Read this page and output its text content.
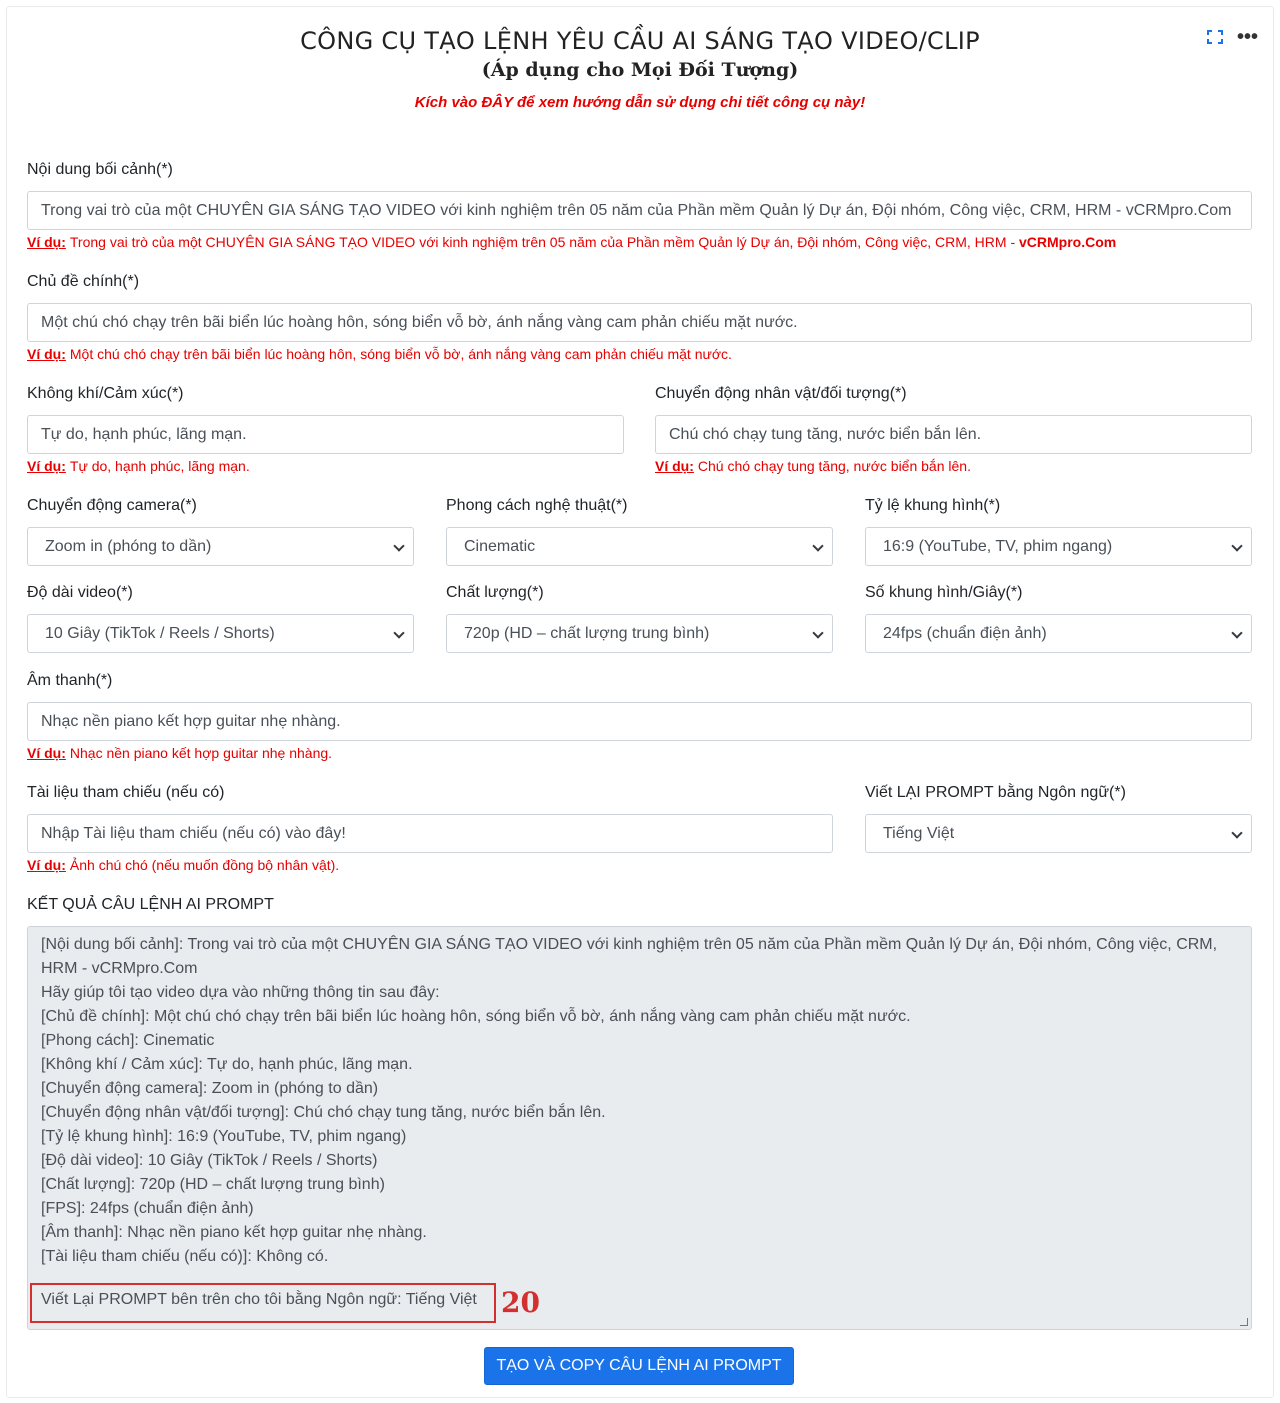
•••
CÔNG CỤ TẠO LỆNH YÊU CẦU AI SÁNG TẠO VIDEO/CLIP
(Áp dụng cho Mọi Đối Tượng)
Kích vào ĐÂY để xem hướng dẫn sử dụng chi tiết công cụ này!
Nội dung bối cảnh(*)
Trong vai trò của một CHUYÊN GIA SÁNG TẠO VIDEO với kinh nghiệm trên 05 năm của Phần mềm Quản lý Dự án, Đội nhóm, Công việc, CRM, HRM - vCRMpro.Com
Ví dụ: Trong vai trò của một CHUYÊN GIA SÁNG TẠO VIDEO với kinh nghiệm trên 05 năm của Phần mềm Quản lý Dự án, Đội nhóm, Công việc, CRM, HRM - vCRMpro.Com
Chủ đề chính(*)
Một chú chó chạy trên bãi biển lúc hoàng hôn, sóng biển vỗ bờ, ánh nắng vàng cam phản chiếu mặt nước.
Ví dụ: Một chú chó chạy trên bãi biển lúc hoàng hôn, sóng biển vỗ bờ, ánh nắng vàng cam phản chiếu mặt nước.
Không khí/Cảm xúc(*)
Tự do, hạnh phúc, lãng mạn.
Ví dụ: Tự do, hạnh phúc, lãng mạn.
Chuyển động nhân vật/đối tượng(*)
Chú chó chạy tung tăng, nước biển bắn lên.
Ví dụ: Chú chó chạy tung tăng, nước biển bắn lên.
Chuyển động camera(*)
Zoom in (phóng to dần)
Phong cách nghệ thuật(*)
Cinematic
Tỷ lệ khung hình(*)
16:9 (YouTube, TV, phim ngang)
Độ dài video(*)
10 Giây (TikTok / Reels / Shorts)
Chất lượng(*)
720p (HD – chất lượng trung bình)
Số khung hình/Giây(*)
24fps (chuẩn điện ảnh)
Âm thanh(*)
Nhạc nền piano kết hợp guitar nhẹ nhàng.
Ví dụ: Nhạc nền piano kết hợp guitar nhẹ nhàng.
Tài liệu tham chiếu (nếu có)
Nhập Tài liệu tham chiếu (nếu có) vào đây!
Ví dụ: Ảnh chú chó (nếu muốn đồng bộ nhân vật).
Viết LẠI PROMPT bằng Ngôn ngữ(*)
Tiếng Việt
KẾT QUẢ CÂU LỆNH AI PROMPT
[Nội dung bối cảnh]: Trong vai trò của một CHUYÊN GIA SÁNG TẠO VIDEO với kinh nghiệm trên 05 năm của Phần mềm Quản lý Dự án, Đội nhóm, Công việc, CRM, HRM - vCRMpro.Com
Hãy giúp tôi tạo video dựa vào những thông tin sau đây:
[Chủ đề chính]: Một chú chó chạy trên bãi biển lúc hoàng hôn, sóng biển vỗ bờ, ánh nắng vàng cam phản chiếu mặt nước.
[Phong cách]: Cinematic
[Không khí / Cảm xúc]: Tự do, hạnh phúc, lãng mạn.
[Chuyển động camera]: Zoom in (phóng to dần)
[Chuyển động nhân vật/đối tượng]: Chú chó chạy tung tăng, nước biển bắn lên.
[Tỷ lệ khung hình]: 16:9 (YouTube, TV, phim ngang)
[Độ dài video]: 10 Giây (TikTok / Reels / Shorts)
[Chất lượng]: 720p (HD – chất lượng trung bình)
[FPS]: 24fps (chuẩn điện ảnh)
[Âm thanh]: Nhạc nền piano kết hợp guitar nhẹ nhàng.
[Tài liệu tham chiếu (nếu có)]: Không có.
Viết Lại PROMPT bên trên cho tôi bằng Ngôn ngữ: Tiếng Việt 20
TẠO VÀ COPY CÂU LỆNH AI PROMPT
